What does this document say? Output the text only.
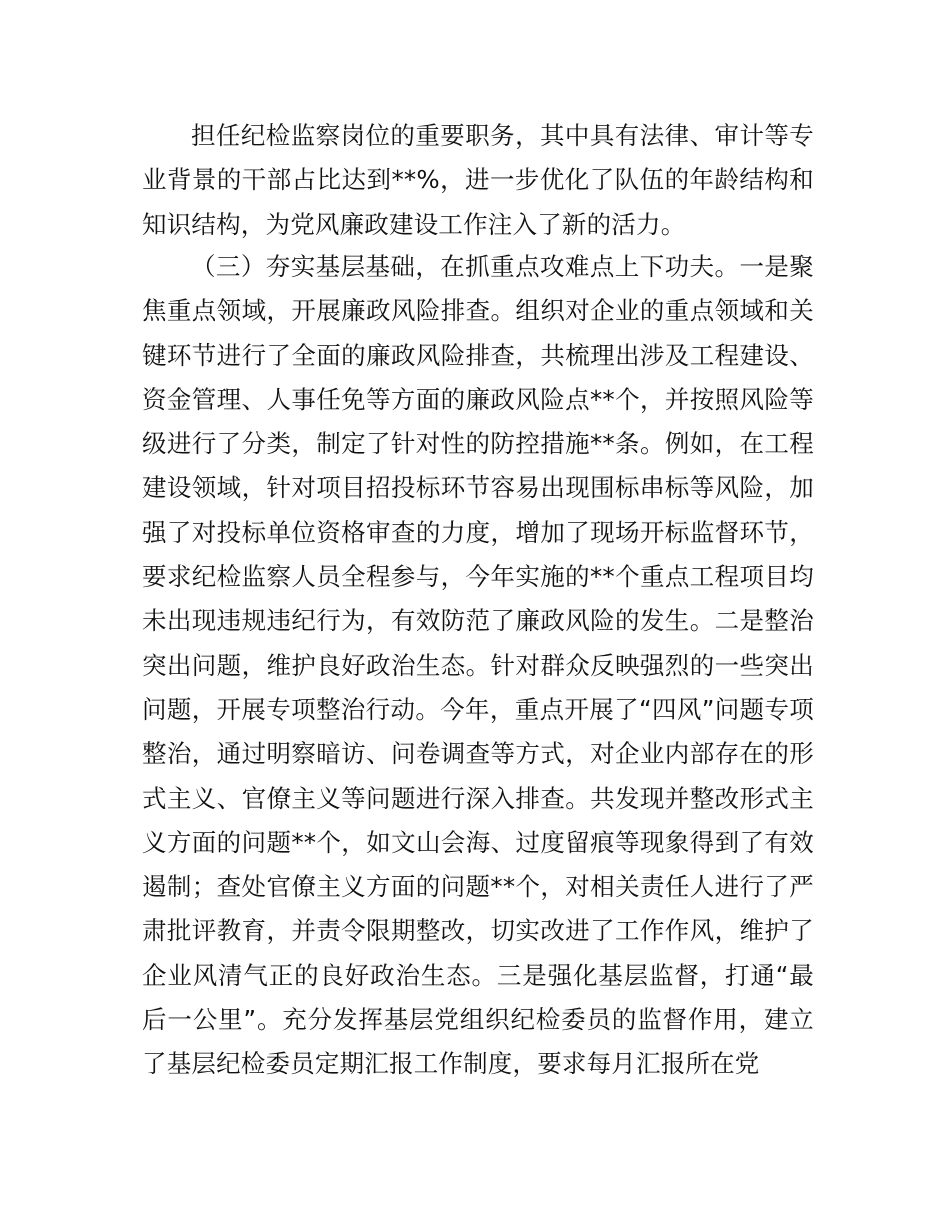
担任纪检监察岗位的重要职务，其中具有法律、审计等专业背景的干部占比达到**%，进一步优化了队伍的年龄结构和知识结构，为党风廉政建设工作注入了新的活力。

（三）夯实基层基础，在抓重点攻难点上下功夫。一是聚焦重点领域，开展廉政风险排查。组织对企业的重点领域和关键环节进行了全面的廉政风险排查，共梳理出涉及工程建设、资金管理、人事任免等方面的廉政风险点**个，并按照风险等级进行了分类，制定了针对性的防控措施**条。例如，在工程建设领域，针对项目招投标环节容易出现围标串标等风险，加强了对投标单位资格审查的力度，增加了现场开标监督环节，要求纪检监察人员全程参与，今年实施的**个重点工程项目均未出现违规违纪行为，有效防范了廉政风险的发生。二是整治突出问题，维护良好政治生态。针对群众反映强烈的一些突出问题，开展专项整治行动。今年，重点开展了“四风”问题专项整治，通过明察暗访、问卷调查等方式，对企业内部存在的形式主义、官僚主义等问题进行深入排查。共发现并整改形式主义方面的问题**个，如文山会海、过度留痕等现象得到了有效遏制；查处官僚主义方面的问题**个，对相关责任人进行了严肃批评教育，并责令限期整改，切实改进了工作作风，维护了企业风清气正的良好政治生态。三是强化基层监督，打通“最后一公里”。充分发挥基层党组织纪检委员的监督作用，建立了基层纪检委员定期汇报工作制度，要求每月汇报所在党
